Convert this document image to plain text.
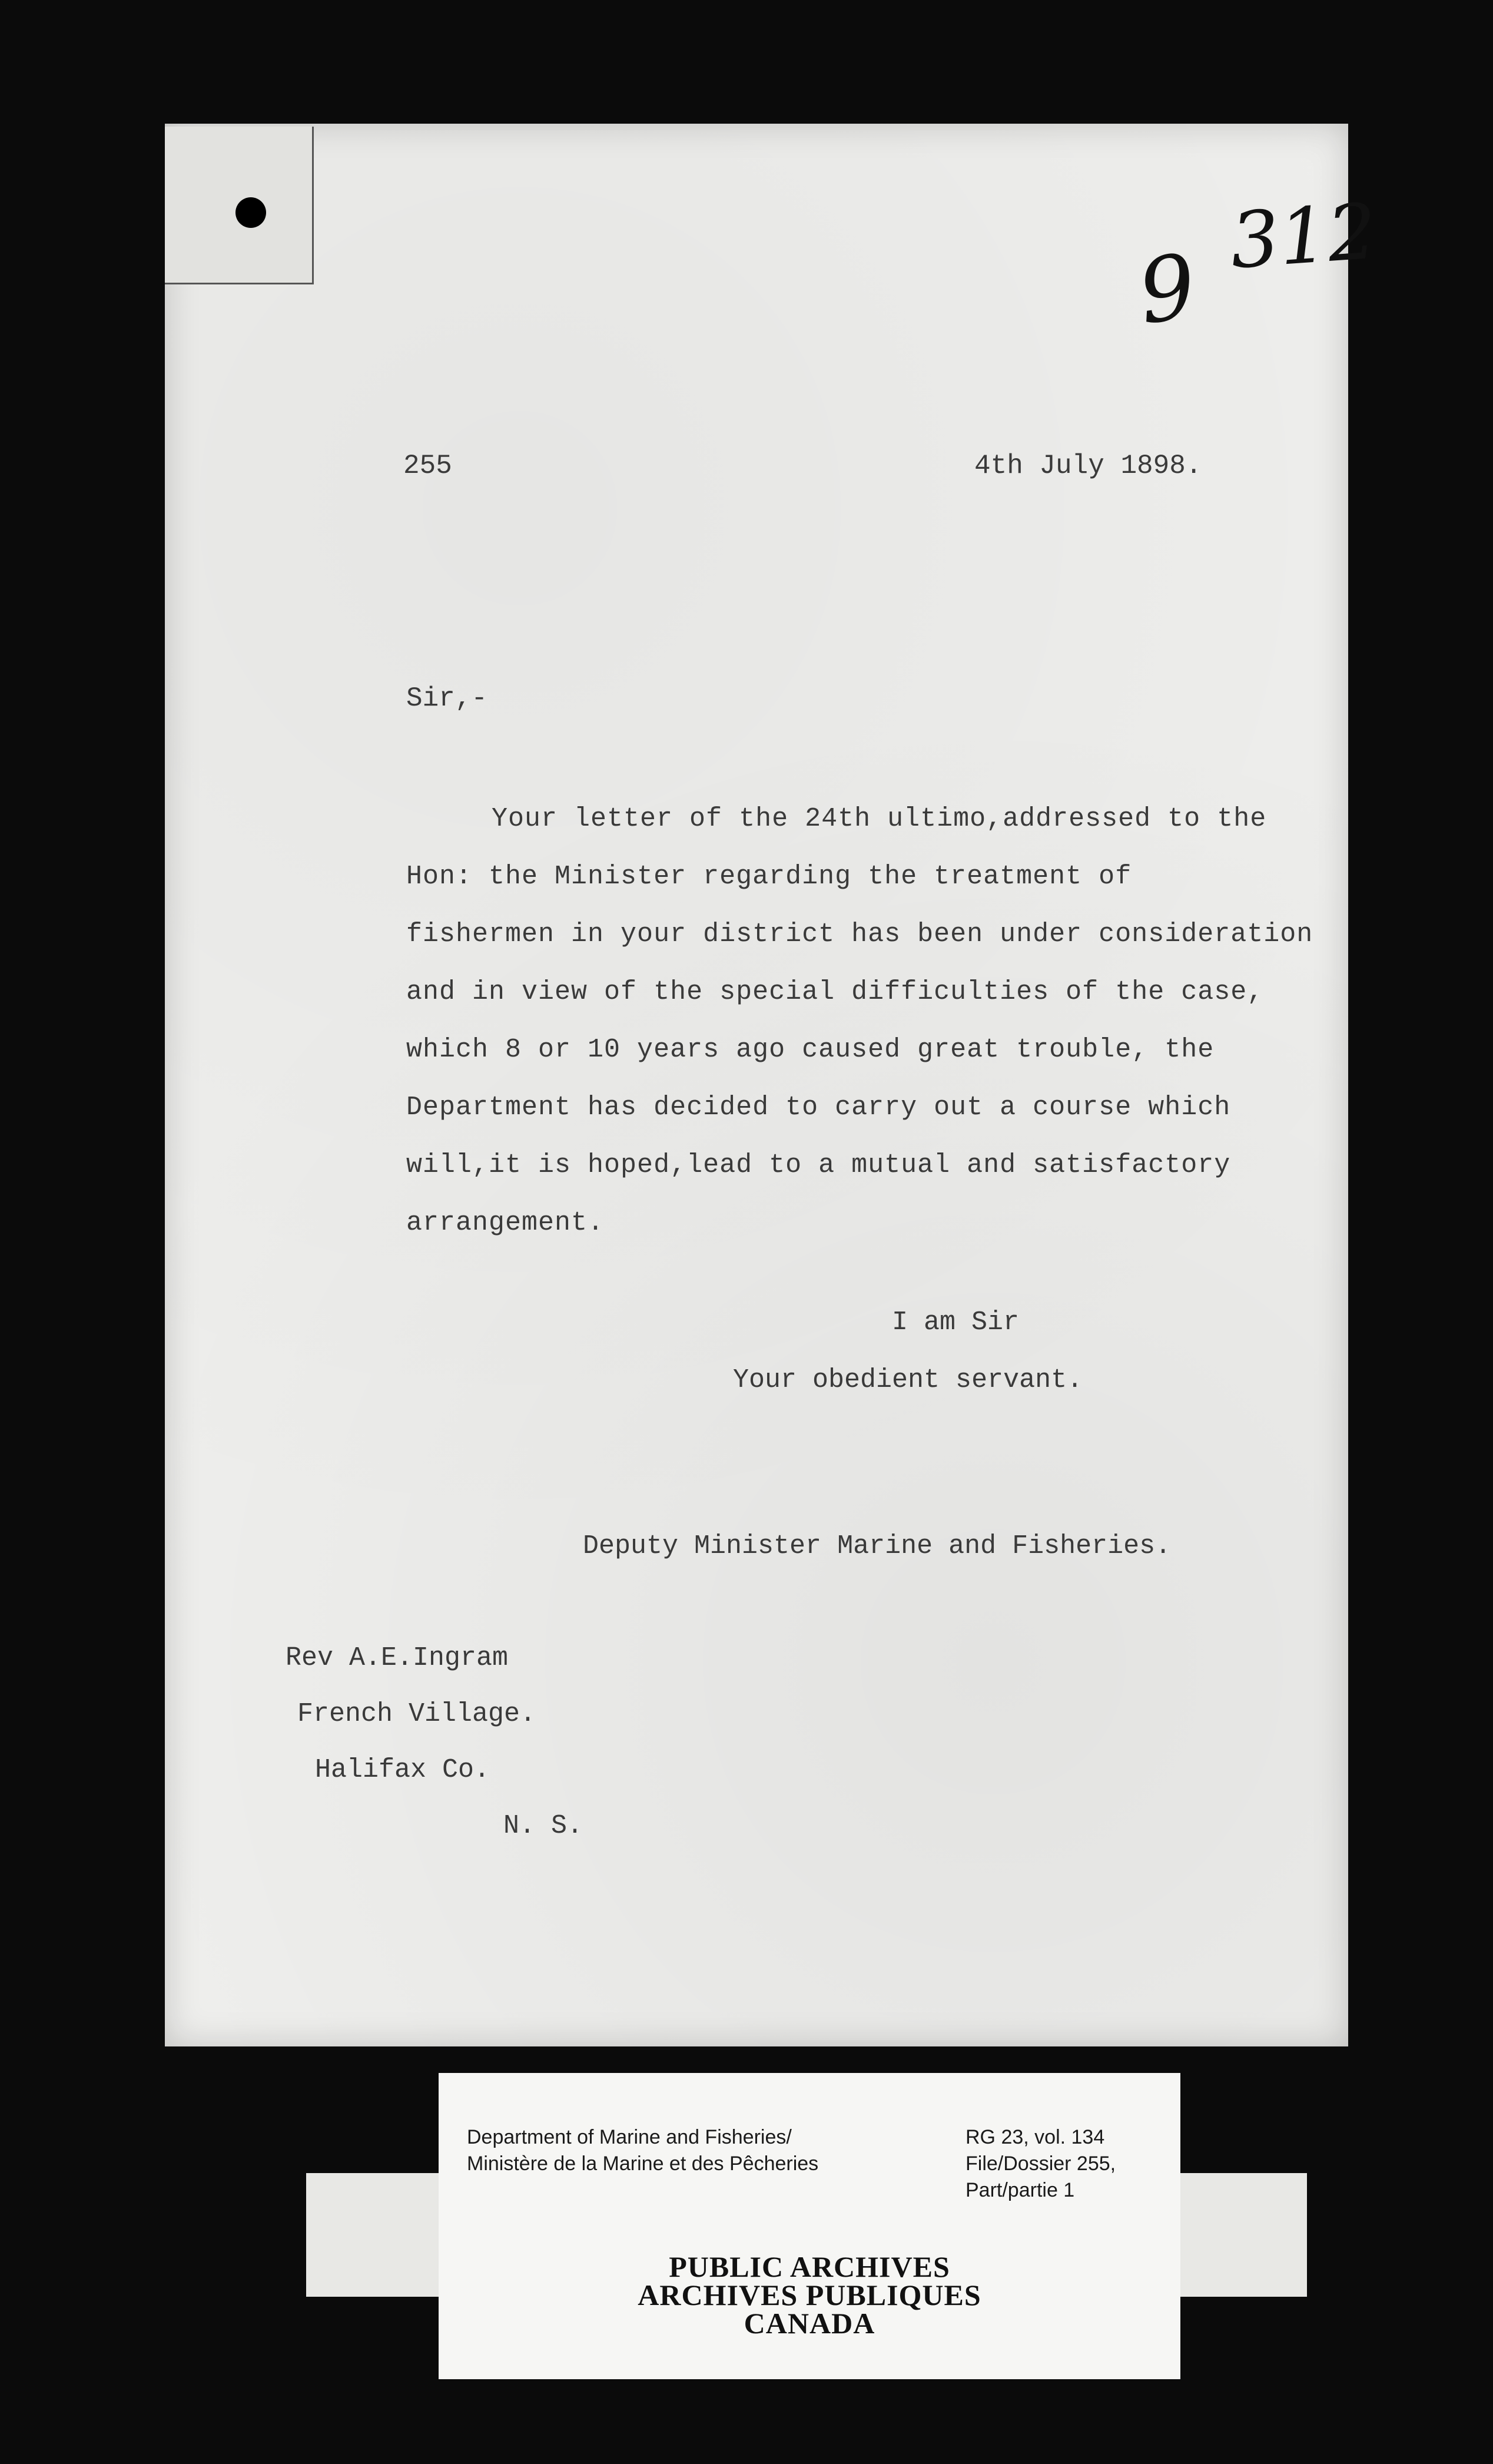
312
9
255	4th July 1898.
Sir,-
Your letter of the 24th ultimo,addressed to the
Hon: the Minister regarding the treatment of
fishermen in your district has been under consideration
and in view of the special difficulties of the case,
which 8 or 10 years ago caused great trouble, the
Department has decided to carry out a course which
will,it is hoped,lead to a mutual and satisfactory
arrangement.
I am Sir
Your obedient servant.
Deputy Minister Marine and Fisheries.
Rev A.E.Ingram
French Village.
Halifax Co.
N. S.
Department of Marine and Fisheries/
Ministère de la Marine et des Pêcheries
RG 23, vol. 134
File/Dossier 255,
Part/partie 1
PUBLIC ARCHIVES
ARCHIVES PUBLIQUES
CANADA
